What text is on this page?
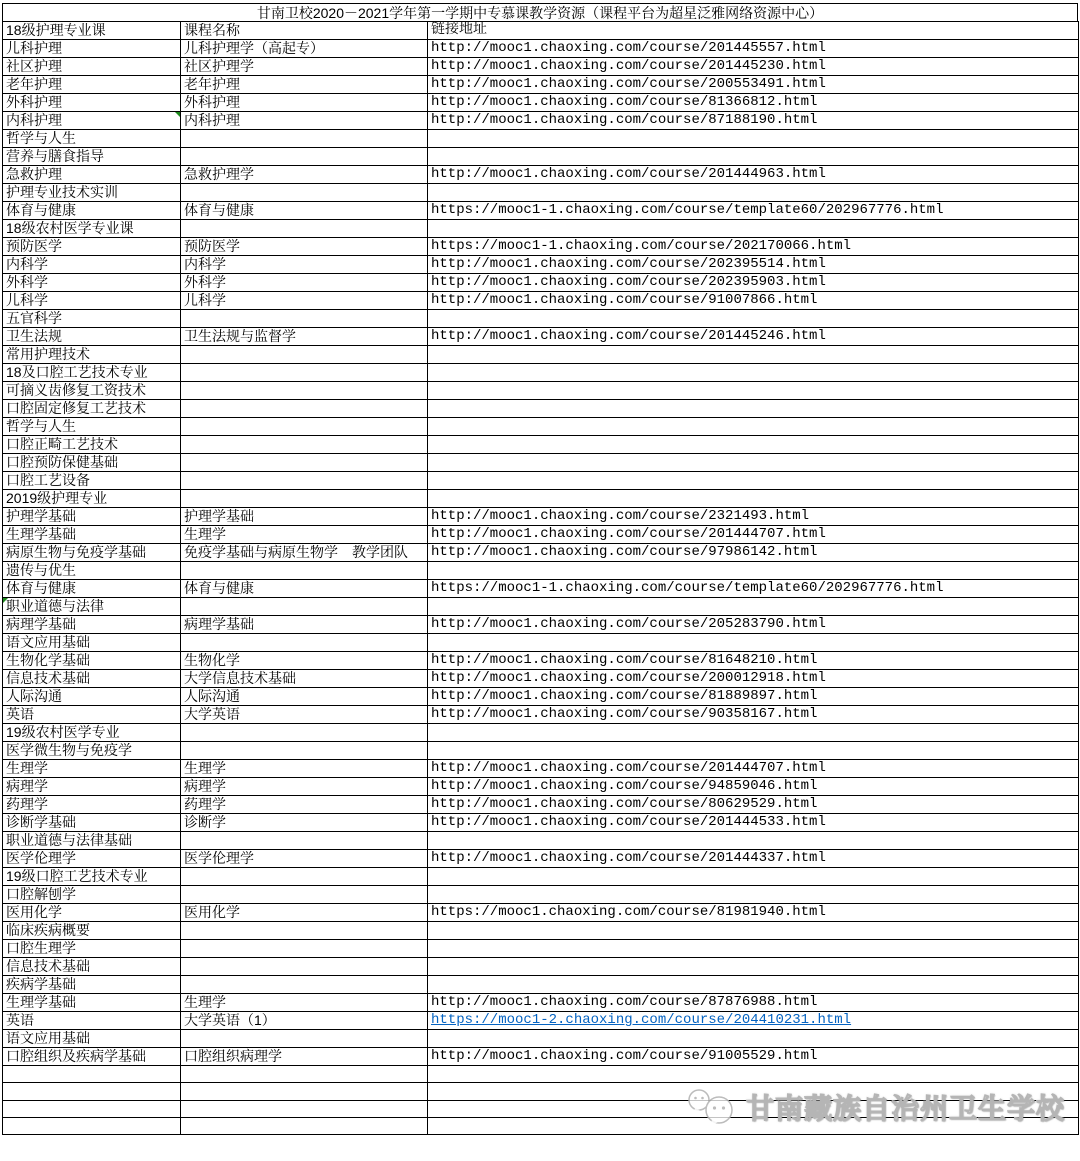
甘南卫校2020－2021学年第一学期中专慕课教学资源（课程平台为超星泛雅网络资源中心）
18级护理专业课	课程名称	链接地址
儿科护理	儿科护理学（高起专）	http://mooc1.chaoxing.com/course/201445557.html
社区护理	社区护理学	http://mooc1.chaoxing.com/course/201445230.html
老年护理	老年护理	http://mooc1.chaoxing.com/course/200553491.html
外科护理	外科护理	http://mooc1.chaoxing.com/course/81366812.html
内科护理	内科护理	http://mooc1.chaoxing.com/course/87188190.html
哲学与人生		
营养与膳食指导		
急救护理	急救护理学	http://mooc1.chaoxing.com/course/201444963.html
护理专业技术实训		
体育与健康	体育与健康	https://mooc1-1.chaoxing.com/course/template60/202967776.html
18级农村医学专业课		
预防医学	预防医学	https://mooc1-1.chaoxing.com/course/202170066.html
内科学	内科学	http://mooc1.chaoxing.com/course/202395514.html
外科学	外科学	http://mooc1.chaoxing.com/course/202395903.html
儿科学	儿科学	http://mooc1.chaoxing.com/course/91007866.html
五官科学		
卫生法规	卫生法规与监督学	http://mooc1.chaoxing.com/course/201445246.html
常用护理技术		
18及口腔工艺技术专业		
可摘义齿修复工资技术		
口腔固定修复工艺技术		
哲学与人生		
口腔正畸工艺技术		
口腔预防保健基础		
口腔工艺设备		
2019级护理专业		
护理学基础	护理学基础	http://mooc1.chaoxing.com/course/2321493.html
生理学基础	生理学	http://mooc1.chaoxing.com/course/201444707.html
病原生物与免疫学基础	免疫学基础与病原生物学　教学团队	http://mooc1.chaoxing.com/course/97986142.html
遗传与优生		
体育与健康	体育与健康	https://mooc1-1.chaoxing.com/course/template60/202967776.html
职业道德与法律		
病理学基础	病理学基础	http://mooc1.chaoxing.com/course/205283790.html
语文应用基础		
生物化学基础	生物化学	http://mooc1.chaoxing.com/course/81648210.html
信息技术基础	大学信息技术基础	http://mooc1.chaoxing.com/course/200012918.html
人际沟通	人际沟通	http://mooc1.chaoxing.com/course/81889897.html
英语	大学英语	http://mooc1.chaoxing.com/course/90358167.html
19级农村医学专业		
医学微生物与免疫学		
生理学	生理学	http://mooc1.chaoxing.com/course/201444707.html
病理学	病理学	http://mooc1.chaoxing.com/course/94859046.html
药理学	药理学	http://mooc1.chaoxing.com/course/80629529.html
诊断学基础	诊断学	http://mooc1.chaoxing.com/course/201444533.html
职业道德与法律基础		
医学伦理学	医学伦理学	http://mooc1.chaoxing.com/course/201444337.html
19级口腔工艺技术专业		
口腔解刨学		
医用化学	医用化学	https://mooc1.chaoxing.com/course/81981940.html
临床疾病概要		
口腔生理学		
信息技术基础		
疾病学基础		
生理学基础	生理学	http://mooc1.chaoxing.com/course/87876988.html
英语	大学英语（1）	https://mooc1-2.chaoxing.com/course/204410231.html
语文应用基础		
口腔组织及疾病学基础	口腔组织病理学	http://mooc1.chaoxing.com/course/91005529.html

甘南藏族自治州卫生学校
